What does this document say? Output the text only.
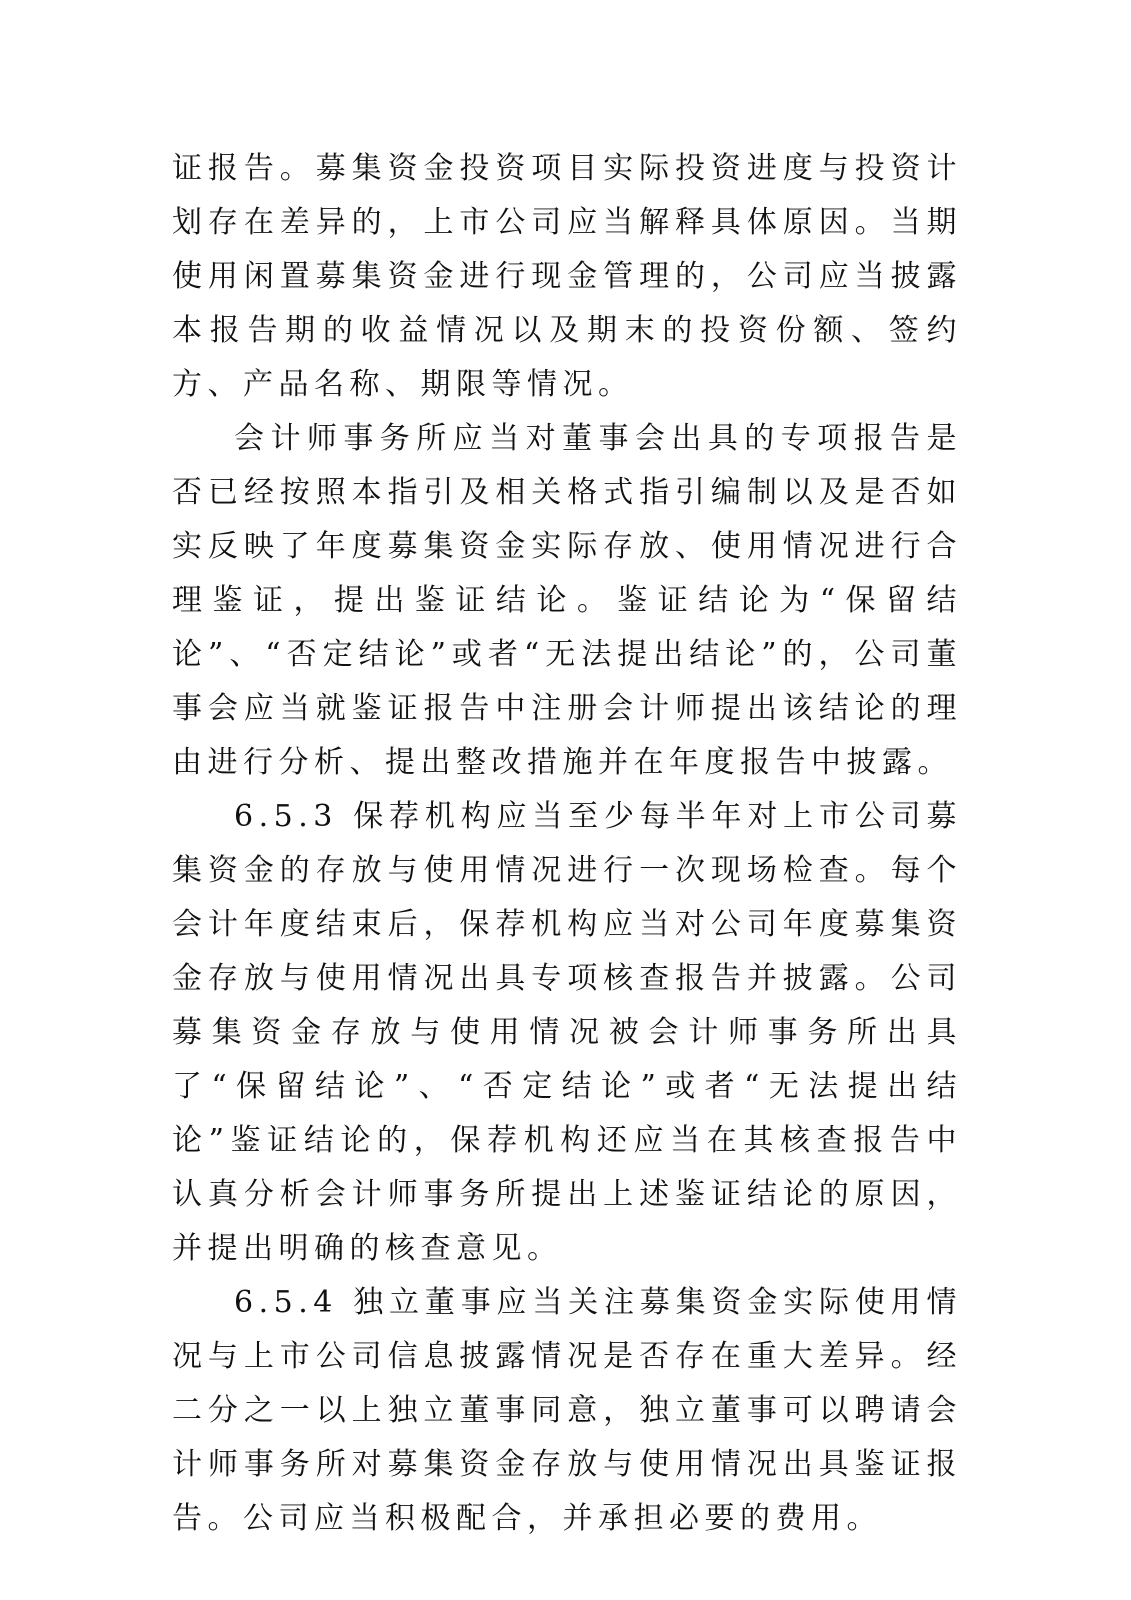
证报告。募集资金投资项目实际投资进度与投资计划存在差异的，上市公司应当解释具体原因。当期使用闲置募集资金进行现金管理的，公司应当披露本报告期的收益情况以及期末的投资份额、签约方、产品名称、期限等情况。

会计师事务所应当对董事会出具的专项报告是否已经按照本指引及相关格式指引编制以及是否如实反映了年度募集资金实际存放、使用情况进行合理鉴证，提出鉴证结论。鉴证结论为“保留结论”、“否定结论”或者“无法提出结论”的，公司董事会应当就鉴证报告中注册会计师提出该结论的理由进行分析、提出整改措施并在年度报告中披露。

6.5.3 保荐机构应当至少每半年对上市公司募集资金的存放与使用情况进行一次现场检查。每个会计年度结束后，保荐机构应当对公司年度募集资金存放与使用情况出具专项核查报告并披露。公司募集资金存放与使用情况被会计师事务所出具了“保留结论”、“否定结论”或者“无法提出结论”鉴证结论的，保荐机构还应当在其核查报告中认真分析会计师事务所提出上述鉴证结论的原因，并提出明确的核查意见。

6.5.4 独立董事应当关注募集资金实际使用情况与上市公司信息披露情况是否存在重大差异。经二分之一以上独立董事同意，独立董事可以聘请会计师事务所对募集资金存放与使用情况出具鉴证报告。公司应当积极配合，并承担必要的费用。
